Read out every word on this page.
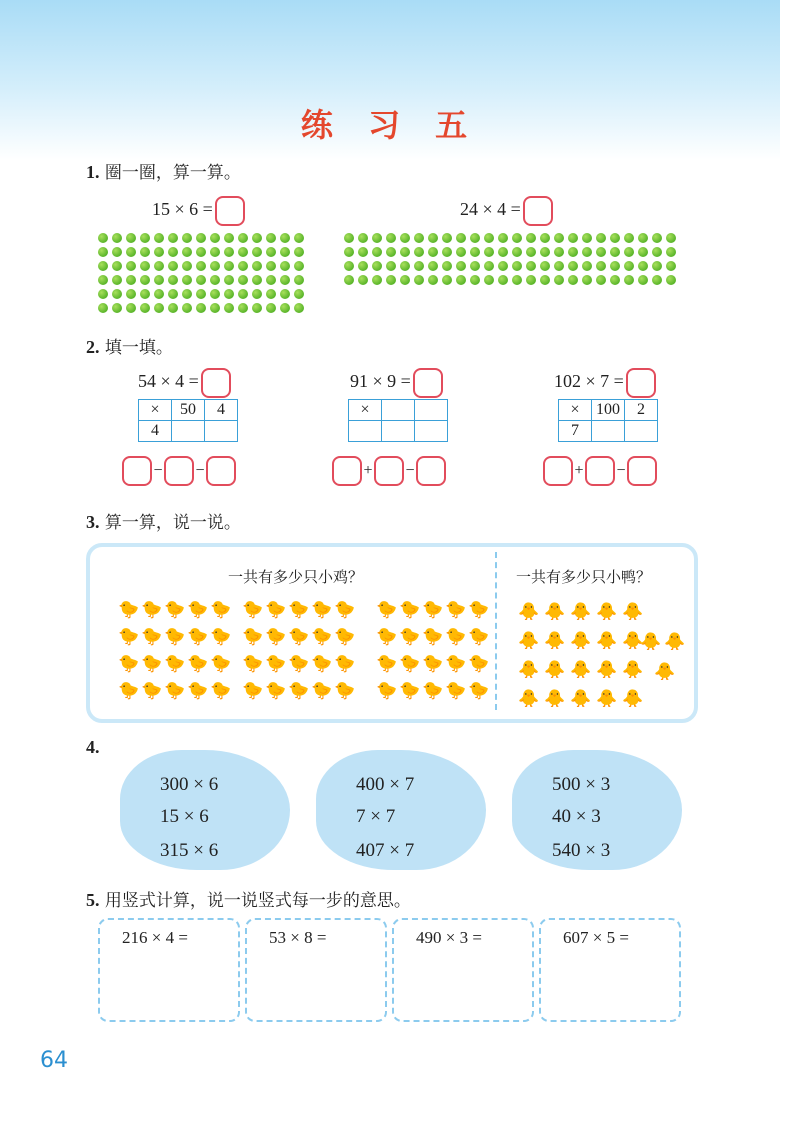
练 习 五
1. 圈一圈，算一算。
15 × 6 =	24 × 4 =
2. 填一填。
54 × 4 =	91 × 9 =	102 × 7 =
×	50	4
4		
×		
			×	100	2
7		
− −	+ −	+ −
3. 算一算，说一说。
一共有多少只小鸡？	一共有多少只小鸭？
🐤 🐤 🐤 🐤 🐤
🐤 🐤 🐤 🐤 🐤
🐤 🐤 🐤 🐤 🐤
🐤 🐤 🐤 🐤 🐤
🐤 🐤 🐤 🐤 🐤
🐤 🐤 🐤 🐤 🐤
🐤 🐤 🐤 🐤 🐤
🐤 🐤 🐤 🐤 🐤
🐤 🐤 🐤 🐤 🐤
🐤 🐤 🐤 🐤 🐤
🐤 🐤 🐤 🐤 🐤
🐤 🐤 🐤 🐤 🐤
🐥 🐥 🐥 🐥 🐥
🐥 🐥 🐥 🐥 🐥
🐥 🐥 🐥 🐥 🐥
🐥 🐥 🐥 🐥 🐥
🐥 🐥
🐥
4.
300 × 6
15 × 6
315 × 6
400 × 7
7 × 7
407 × 7
500 × 3
40 × 3
540 × 3
5. 用竖式计算，说一说竖式每一步的意思。
216 × 4 =	53 × 8 =	490 × 3 =	607 × 5 =
64
